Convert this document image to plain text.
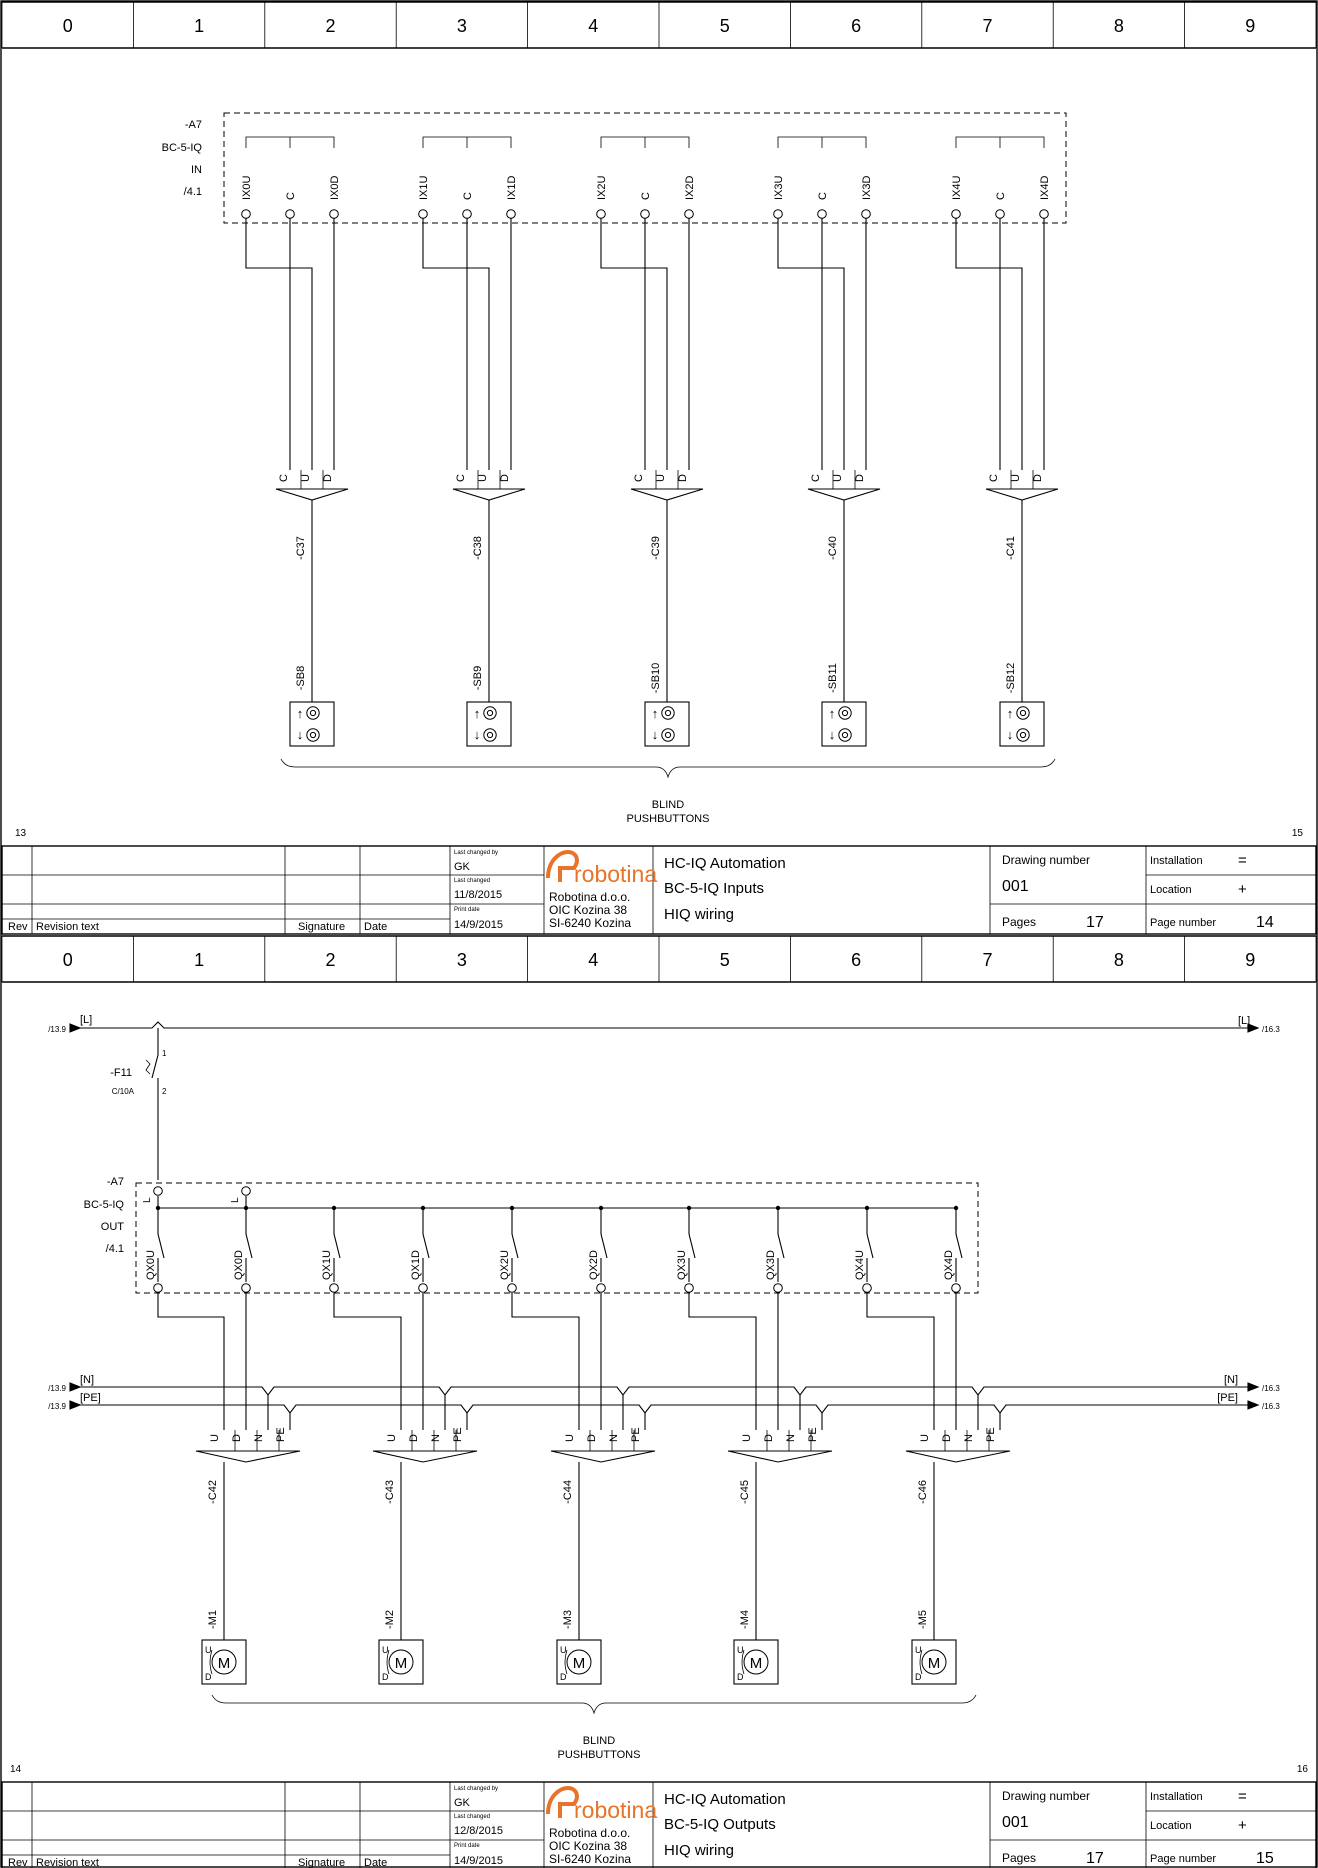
0	1	2	3	4	5	6	7	8	9
-A7
BC-5-IQ
IN
/4.1	IX0U	C	IX0D
C U D
-C37
-SB8
↑
↓
IX1U	C	IX1D
C U D
-C38
-SB9
↑
↓
IX2U	C	IX2D
C U D
-C39
-SB10
↑
↓
IX3U	C	IX3D
C U D
-C40
-SB11
↑
↓
IX4U	C	IX4D
C U D
-C41
-SB12
↑
↓
BLIND
PUSHBUTTONS
13	15
Rev Revision text	Signature Date
Last changed by
GK
Last changed
11/8/2015
Print date
14/9/2015
robotina
Robotina d.o.o.
OIC Kozina 38
SI-6240 Kozina
HC-IQ Automation
BC-5-IQ Inputs
HIQ wiring
Drawing number
001
Pages	17
Installation =
Location	+
Page number 14
0	1	2	3	4	5	6	7	8	9
/13.9
[L]	[L]
/16.3
1
2
-F11
C/10A
-A7
BC-5-IQ
OUT
/4.1
L	L
QX0U	QX0D	QX1U	QX1D	QX2U	QX2D	QX3U	QX3D	QX4U	QX4D
/13.9
/13.9
[N]
[PE]
[N]
[PE]
/16.3
/16.3
U D N PE
-C42
-M1
M
U
D
U D N PE
-C43
-M2
M
U
D
U D N PE
-C44
-M3
M
U
D
U D N PE
-C45
-M4
M
U
D
U D N PE
-C46
-M5
M
U
D
BLIND
PUSHBUTTONS
14	16
Rev Revision text	Signature Date
Last changed by
GK
Last changed
12/8/2015
Print date
14/9/2015
robotina
Robotina d.o.o.
OIC Kozina 38
SI-6240 Kozina
HC-IQ Automation
BC-5-IQ Outputs
HIQ wiring
Drawing number
001
Pages	17
Installation =
Location	+
Page number 15
